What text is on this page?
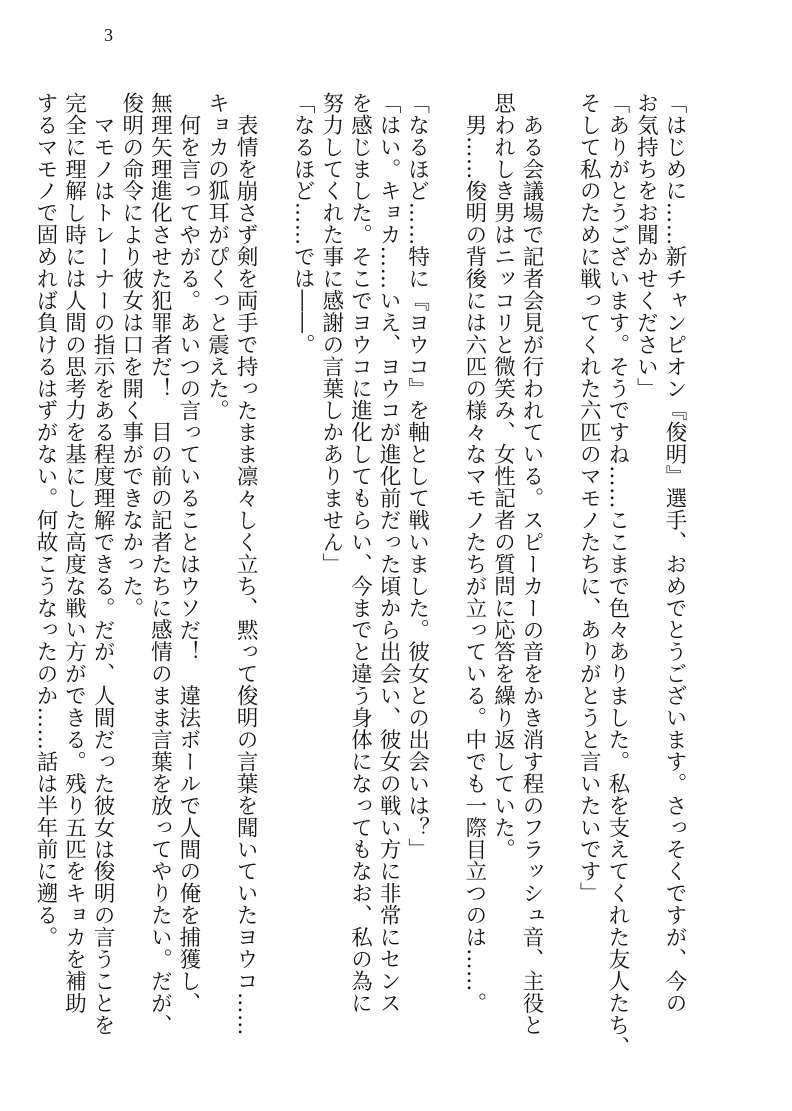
3
「はじめに……新チャンピオン『俊明』選手、おめでとうございます。さっそくですが、今の
お気持ちをお聞かせください」
「ありがとうございます。そうですね……ここまで色々ありました。私を支えてくれた友人たち、
そして私のために戦ってくれた六匹のマモノたちに、ありがとうと言いたいです」
ある会議場で記者会見が行われている。スピーカーの音をかき消す程のフラッシュ音、主役と
思われしき男はニッコリと微笑み、女性記者の質問に応答を繰り返していた。
男……俊明の背後には六匹の様々なマモノたちが立っている。中でも一際目立つのは……。
「なるほど……特に『ヨウコ』を軸として戦いました。彼女との出会いは？」
「はい。キョカ……いえ、ヨウコが進化前だった頃から出会い、彼女の戦い方に非常にセンス
を感じました。そこでヨウコに進化してもらい、今までと違う身体になってもなお、私の為に
努力してくれた事に感謝の言葉しかありません」
「なるほど……では――。
表情を崩さず剣を両手で持ったまま凛々しく立ち、黙って俊明の言葉を聞いていたヨウコ……
キョカの狐耳がぴくっと震えた。
何を言ってやがる。あいつの言っていることはウソだ！　違法ボールで人間の俺を捕獲し、
無理矢理進化させた犯罪者だ！　目の前の記者たちに感情のまま言葉を放ってやりたい。だが、
俊明の命令により彼女は口を開く事ができなかった。
マモノはトレーナーの指示をある程度理解できる。だが、人間だった彼女は俊明の言うことを
完全に理解し時には人間の思考力を基にした高度な戦い方ができる。残り五匹をキョカを補助
するマモノで固めれば負けるはずがない。何故こうなったのか……話は半年前に遡る。
